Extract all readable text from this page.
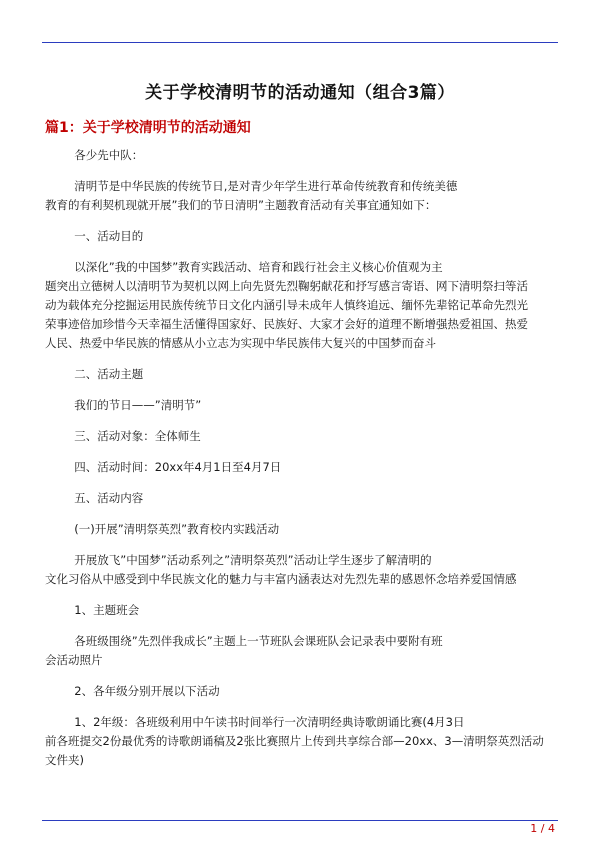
关于学校清明节的活动通知（组合3篇）
篇1：关于学校清明节的活动通知

各少先中队：

清明节是中华民族的传统节日,是对青少年学生进行革命传统教育和传统美德
教育的有利契机现就开展”我们的节日清明”主题教育活动有关事宜通知如下：

一、活动目的

以深化”我的中国梦”教育实践活动、培育和践行社会主义核心价值观为主
题突出立德树人以清明节为契机以网上向先贤先烈鞠躬献花和抒写感言寄语、网下清明祭扫等活
动为载体充分挖掘运用民族传统节日文化内涵引导未成年人慎终追远、缅怀先辈铭记革命先烈光
荣事迹倍加珍惜今天幸福生活懂得国家好、民族好、大家才会好的道理不断增强热爱祖国、热爱
人民、热爱中华民族的情感从小立志为实现中华民族伟大复兴的中国梦而奋斗

二、活动主题

我们的节日——”清明节”

三、活动对象：全体师生

四、活动时间：20xx年4月1日至4月7日

五、活动内容

(一)开展”清明祭英烈”教育校内实践活动

开展放飞”中国梦”活动系列之”清明祭英烈”活动让学生逐步了解清明的
文化习俗从中感受到中华民族文化的魅力与丰富内涵表达对先烈先辈的感恩怀念培养爱国情感

1、主题班会

各班级围绕”先烈伴我成长”主题上一节班队会课班队会记录表中要附有班
会活动照片

2、各年级分别开展以下活动

1、2年级：各班级利用中午读书时间举行一次清明经典诗歌朗诵比赛(4月3日
前各班提交2份最优秀的诗歌朗诵稿及2张比赛照片上传到共享综合部—20xx、3—清明祭英烈活动
文件夹)

1 / 4
